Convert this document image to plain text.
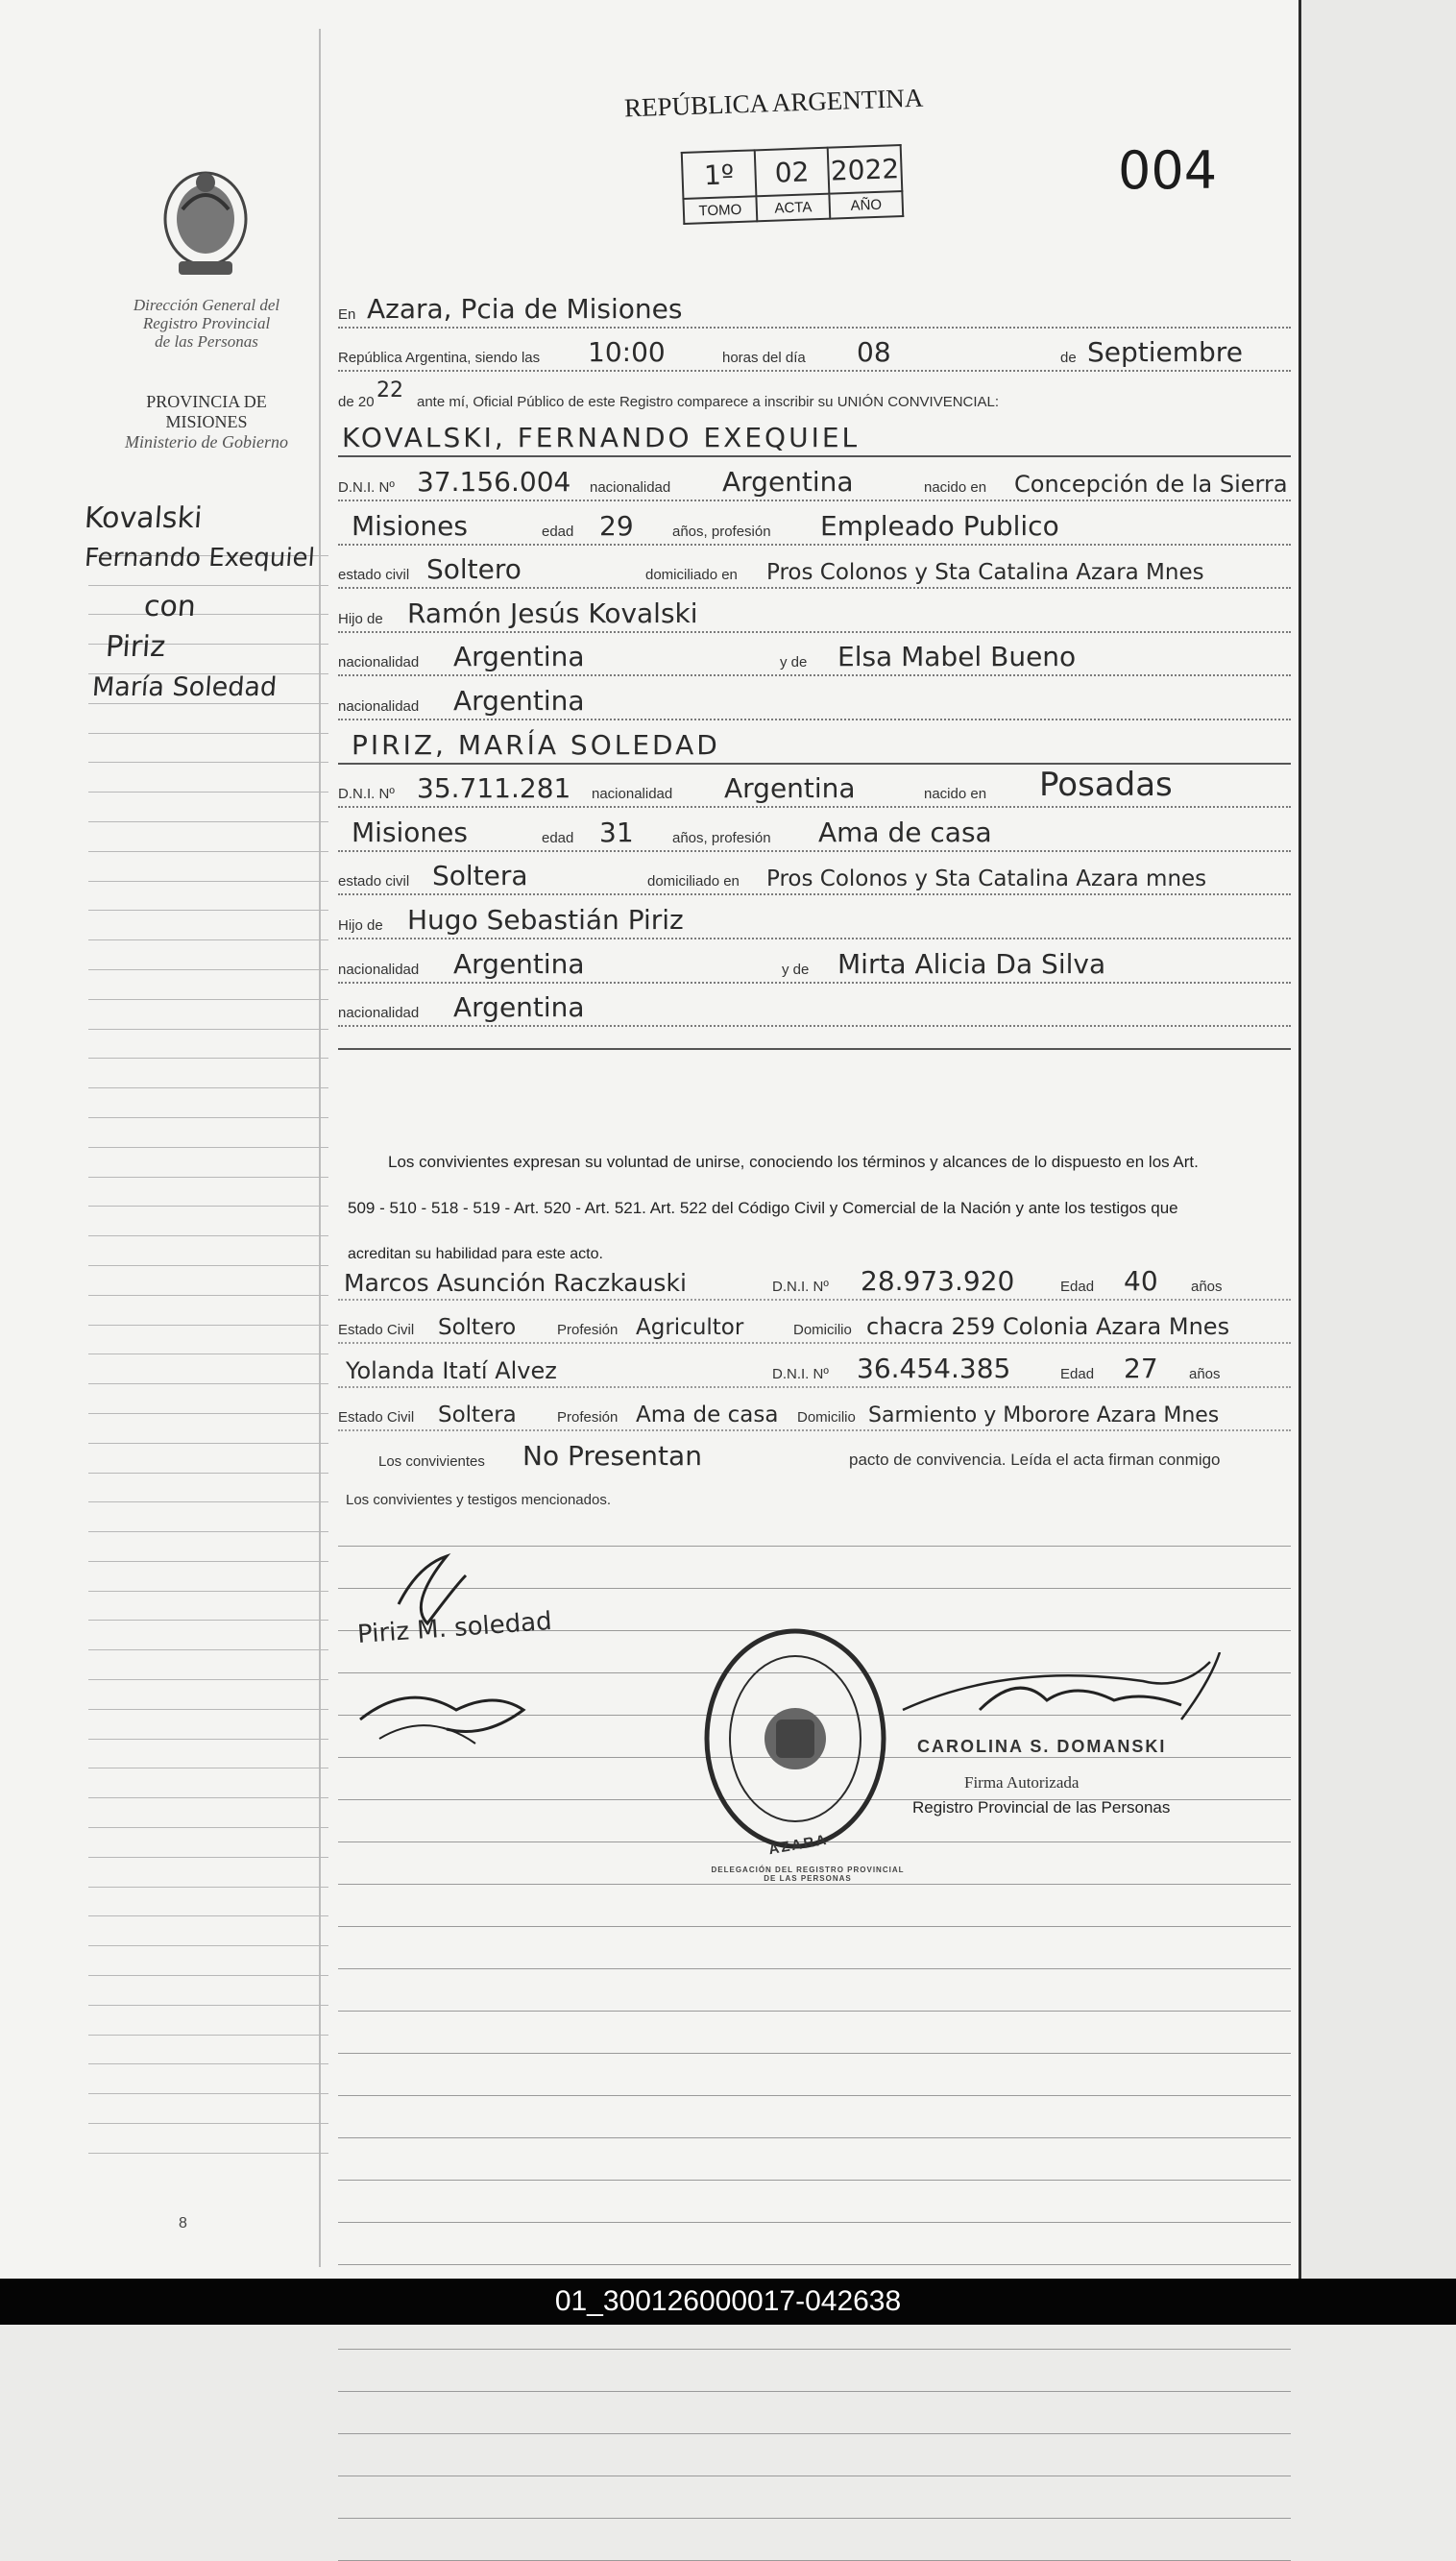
Dirección General del
Registro Provincial
de las Personas
PROVINCIA DE
MISIONES
Ministerio de Gobierno
Kovalski
Fernando Exequiel
con
Piriz
María Soledad
8
REPÚBLICA ARGENTINA
1º	02	2022
TOMO	ACTA	AÑO
004
En Azara, Pcia de Misiones
República Argentina, siendo las 10:00	horas del día 08	de Septiembre
de 20 22 ante mí, Oficial Público de este Registro comparece a inscribir su UNIÓN CONVIVENCIAL:
KOVALSKI, FERNANDO EXEQUIEL
D.N.I. Nº 37.156.004 nacionalidad Argentina	nacido en Concepción de la Sierra
Misiones	edad 29	años, profesión Empleado Publico
estado civil Soltero	domiciliado en Pros Colonos y Sta Catalina Azara Mnes
Hijo de Ramón Jesús Kovalski
nacionalidad Argentina	y de Elsa Mabel Bueno
nacionalidad Argentina
PIRIZ, MARÍA SOLEDAD
D.N.I. Nº 35.711.281 nacionalidad Argentina	nacido en Posadas
Misiones	edad 31	años, profesión Ama de casa
estado civil Soltera	domiciliado en Pros Colonos y Sta Catalina Azara mnes
Hijo de Hugo Sebastián Piriz
nacionalidad Argentina	y de Mirta Alicia Da Silva
nacionalidad Argentina
Los convivientes expresan su voluntad de unirse, conociendo los términos y alcances de lo dispuesto en los Art.
509 - 510 - 518 - 519 - Art. 520 - Art. 521. Art. 522 del Código Civil y Comercial de la Nación y ante los testigos que
acreditan su habilidad para este acto.
Marcos Asunción Raczkauski	D.N.I. Nº 28.973.920	Edad 40 años
Estado Civil Soltero	Profesión Agricultor	Domicilio chacra 259 Colonia Azara Mnes
Yolanda Itatí Alvez	D.N.I. Nº 36.454.385	Edad 27 años
Estado Civil Soltera	Profesión Ama de casa Domicilio Sarmiento y Mborore Azara Mnes
Los convivientes No Presentan	pacto de convivencia. Leída el acta firman conmigo
Los convivientes y testigos mencionados.
Piriz M. soledad
AZARA
DELEGACIÓN DEL REGISTRO PROVINCIAL DE LAS PERSONAS
CAROLINA S. DOMANSKI
Firma Autorizada
Registro Provincial de las Personas
01_300126000017-042638
